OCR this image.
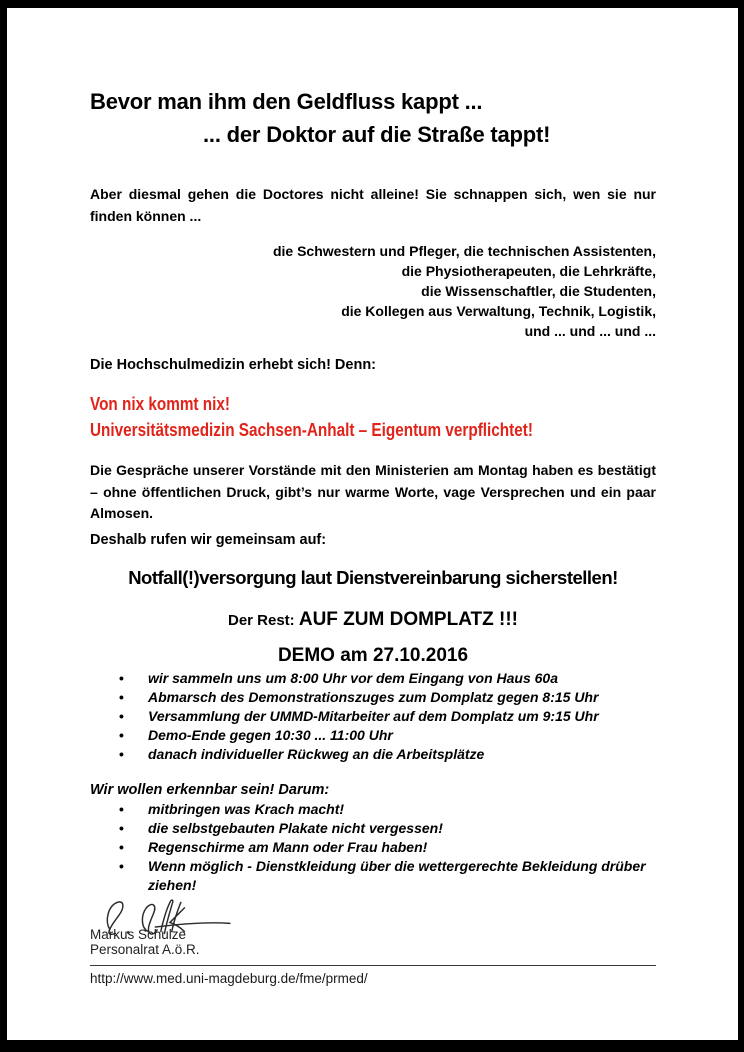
Bevor man ihm den Geldfluss kappt ...
... der Doktor auf die Straße tappt!
Aber diesmal gehen die Doctores nicht alleine! Sie schnappen sich, wen sie nur finden können ...
die Schwestern und Pfleger, die technischen Assistenten,
die Physiotherapeuten, die Lehrkräfte,
die Wissenschaftler, die Studenten,
die Kollegen aus Verwaltung, Technik, Logistik,
und ... und ... und ...
Die Hochschulmedizin erhebt sich! Denn:
Von nix kommt nix!
Universitätsmedizin Sachsen-Anhalt – Eigentum verpflichtet!
Die Gespräche unserer Vorstände mit den Ministerien am Montag haben es bestätigt – ohne öffentlichen Druck, gibt’s nur warme Worte, vage Versprechen und ein paar Almosen.
Deshalb rufen wir gemeinsam auf:
Notfall(!)versorgung laut Dienstvereinbarung sicherstellen!
Der Rest: AUF ZUM DOMPLATZ !!!
DEMO am 27.10.2016
• wir sammeln uns um 8:00 Uhr vor dem Eingang von Haus 60a
• Abmarsch des Demonstrationszuges zum Domplatz gegen 8:15 Uhr
• Versammlung der UMMD-Mitarbeiter auf dem Domplatz um 9:15 Uhr
• Demo-Ende gegen 10:30 ... 11:00 Uhr
• danach individueller Rückweg an die Arbeitsplätze
Wir wollen erkennbar sein! Darum:
• mitbringen was Krach macht!
• die selbstgebauten Plakate nicht vergessen!
• Regenschirme am Mann oder Frau haben!
• Wenn möglich - Dienstkleidung über die wettergerechte Bekleidung drüber ziehen!
Markus Schulze
Personalrat A.ö.R.
http://www.med.uni-magdeburg.de/fme/prmed/
